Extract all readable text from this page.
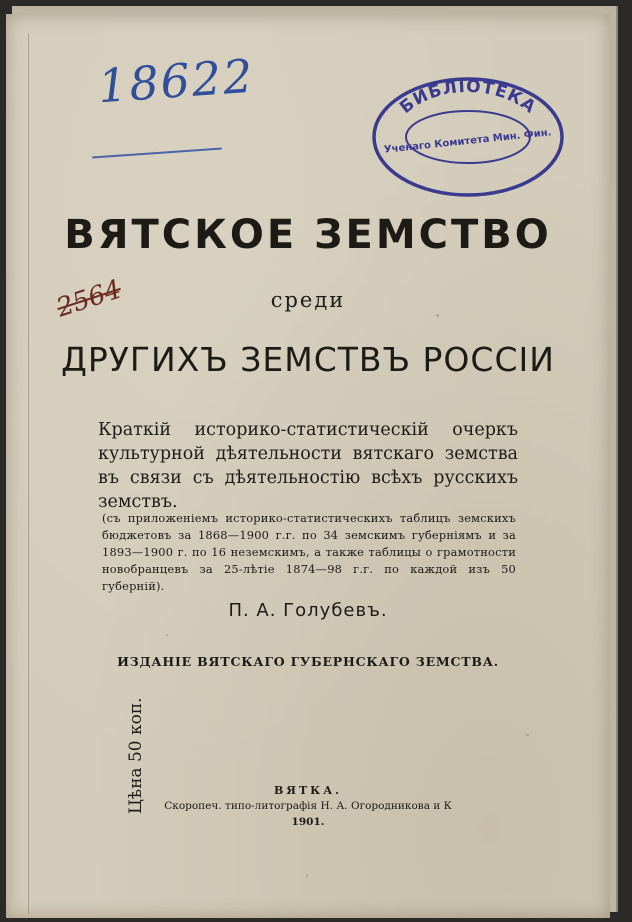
18622	БИБЛIОТЕКА
Ученаго Комитета Мин. Фин.
2564
ВЯТСКОЕ ЗЕМСТВО
среди
ДРУГИХЪ ЗЕМСТВЪ РОССIИ
Краткiй историко-статистическiй очеркъ культурной дѣятельности вятскаго земства въ связи съ дѣятельностiю всѣхъ русскихъ земствъ.
(съ приложенiемъ историко-статистическихъ таблицъ земскихъ бюджетовъ за 1868—1900 г.г. по 34 земскимъ губернiямъ и за 1893—1900 г. по 16 неземскимъ, а также таблицы о грамотности новобранцевъ за 25-лѣтiе 1874—98 г.г. по каждой изъ 50 губернiй).
П. А. Голубевъ.
ИЗДАНIЕ ВЯТСКАГО ГУБЕРНСКАГО ЗЕМСТВА.
Цѣна 50 коп.	ВЯТКА.
Скоропеч. типо-литографiя Н. А. Огородникова и К
1901.
